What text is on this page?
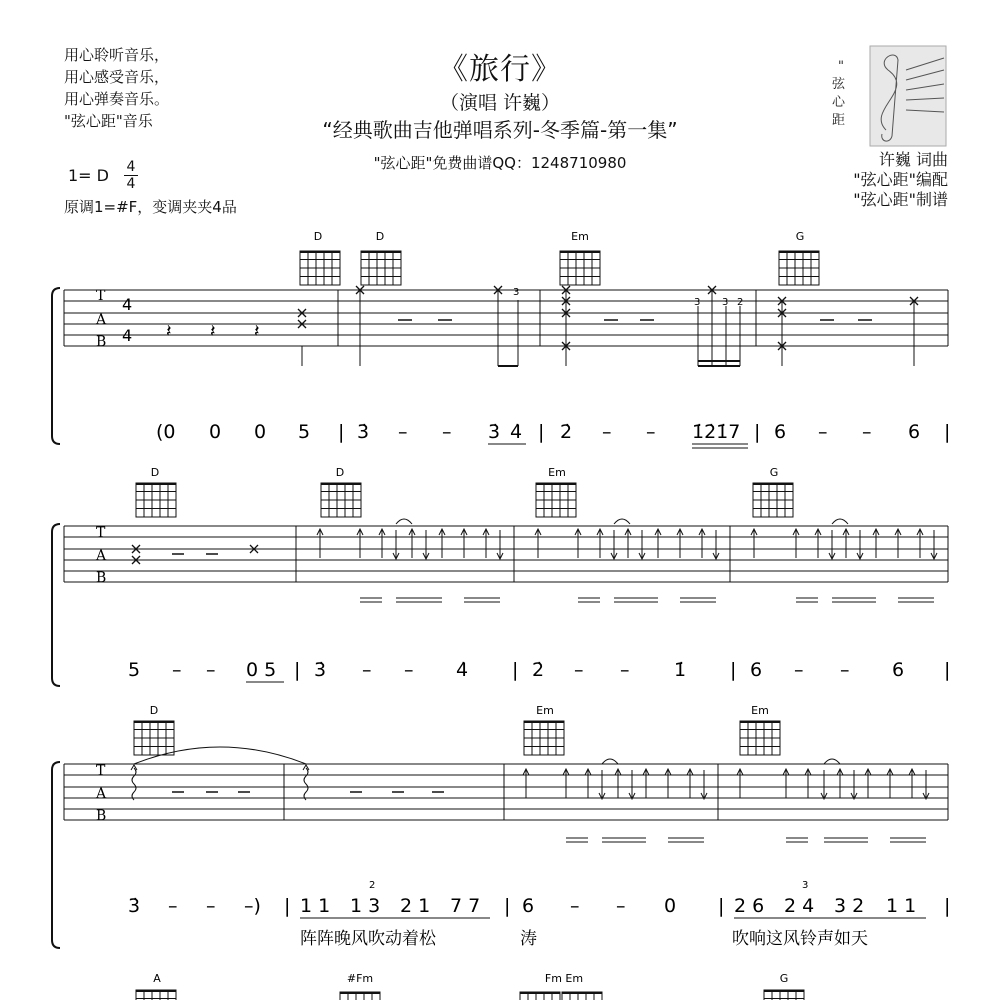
用心聆听音乐，
用心感受音乐，
用心弹奏音乐。
"弦心距"音乐
《旅行》
（演唱 许巍）
“经典歌曲吉他弹唱系列-冬季篇-第一集”
"弦心距"免费曲谱QQ：1248710980
1= D 4
4
原调1=#F，变调夹夹4品
许巍 词曲
"弦心距"编配
"弦心距"制谱
"
弦
心
距
D	D	Em	G
T
A
B
4
4 𝄽 𝄽 𝄽
3
3 3 2
(0 0 0 5 | 3̇ – – 3̇ 4̇ | 2̇ – – 1̇2̇1̇7 | 6 – – 6 |
D	D	Em	G
T
A
B
5 – – 0 5 | 3̇ – – 4̇ | 2̇ – – 1̇ | 6 – – 6 |
D	Em	Em
T
A
B
3̇ – – –) | 1 1 1 3 2 1 7 7 | 6 – – 0 | 2 6 2 4 3 2 1 1 |
2	3
阵阵晚风吹动着松	涛	吹响这风铃声如天
A	#Fm	Fm Em	G
